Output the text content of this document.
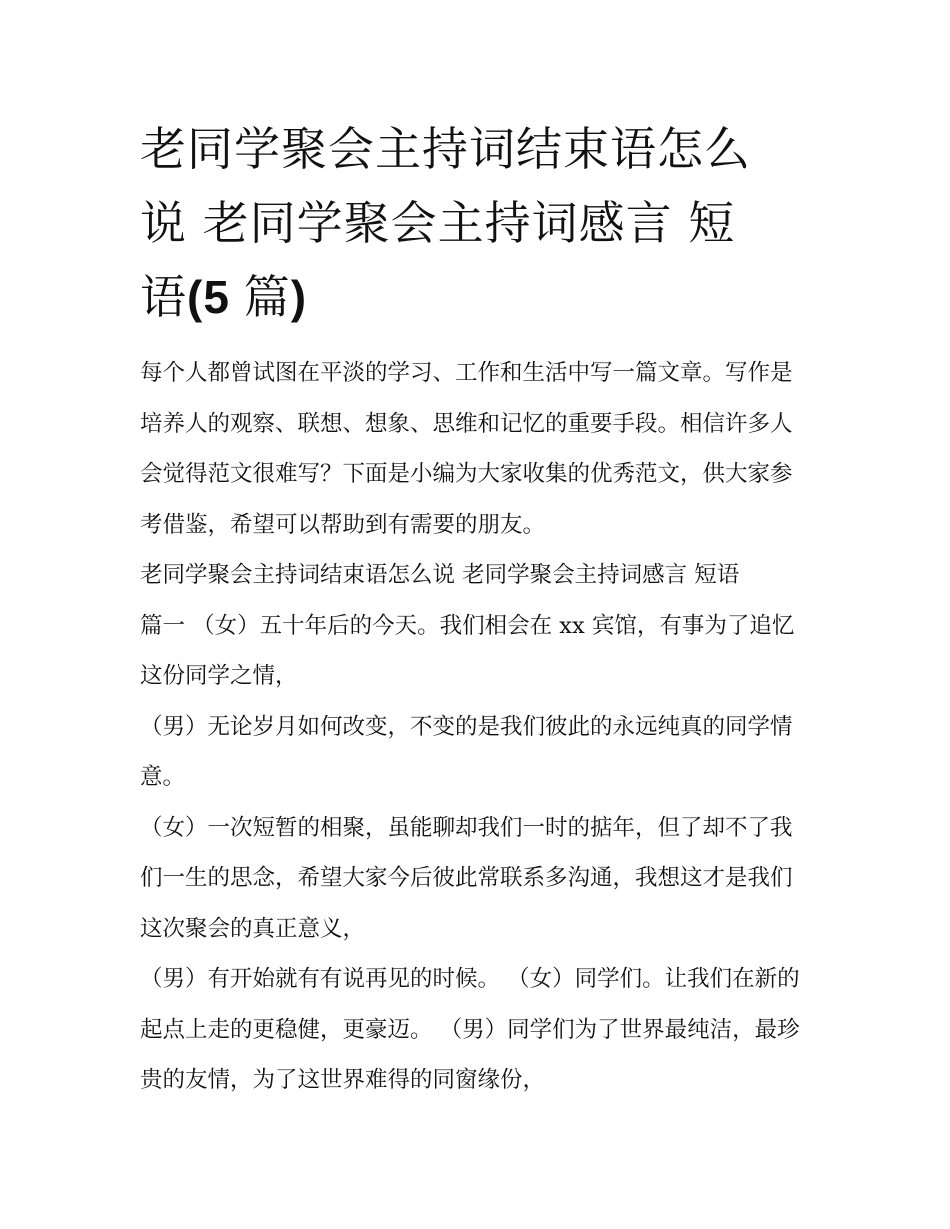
老同学聚会主持词结束语怎么
说 老同学聚会主持词感言 短
语(5 篇)

每个人都曾试图在平淡的学习、工作和生活中写一篇文章。写作是培养人的观察、联想、想象、思维和记忆的重要手段。相信许多人会觉得范文很难写？下面是小编为大家收集的优秀范文，供大家参考借鉴，希望可以帮助到有需要的朋友。

老同学聚会主持词结束语怎么说 老同学聚会主持词感言 短语

篇一 （女）五十年后的今天。我们相会在 xx 宾馆，有事为了追忆这份同学之情，

（男）无论岁月如何改变，不变的是我们彼此的永远纯真的同学情意。

（女）一次短暂的相聚，虽能聊却我们一时的掂年，但了却不了我们一生的思念，希望大家今后彼此常联系多沟通，我想这才是我们这次聚会的真正意义，

（男）有开始就有有说再见的时候。 （女）同学们。让我们在新的起点上走的更稳健，更豪迈。 （男）同学们为了世界最纯洁，最珍贵的友情，为了这世界难得的同窗缘份，
